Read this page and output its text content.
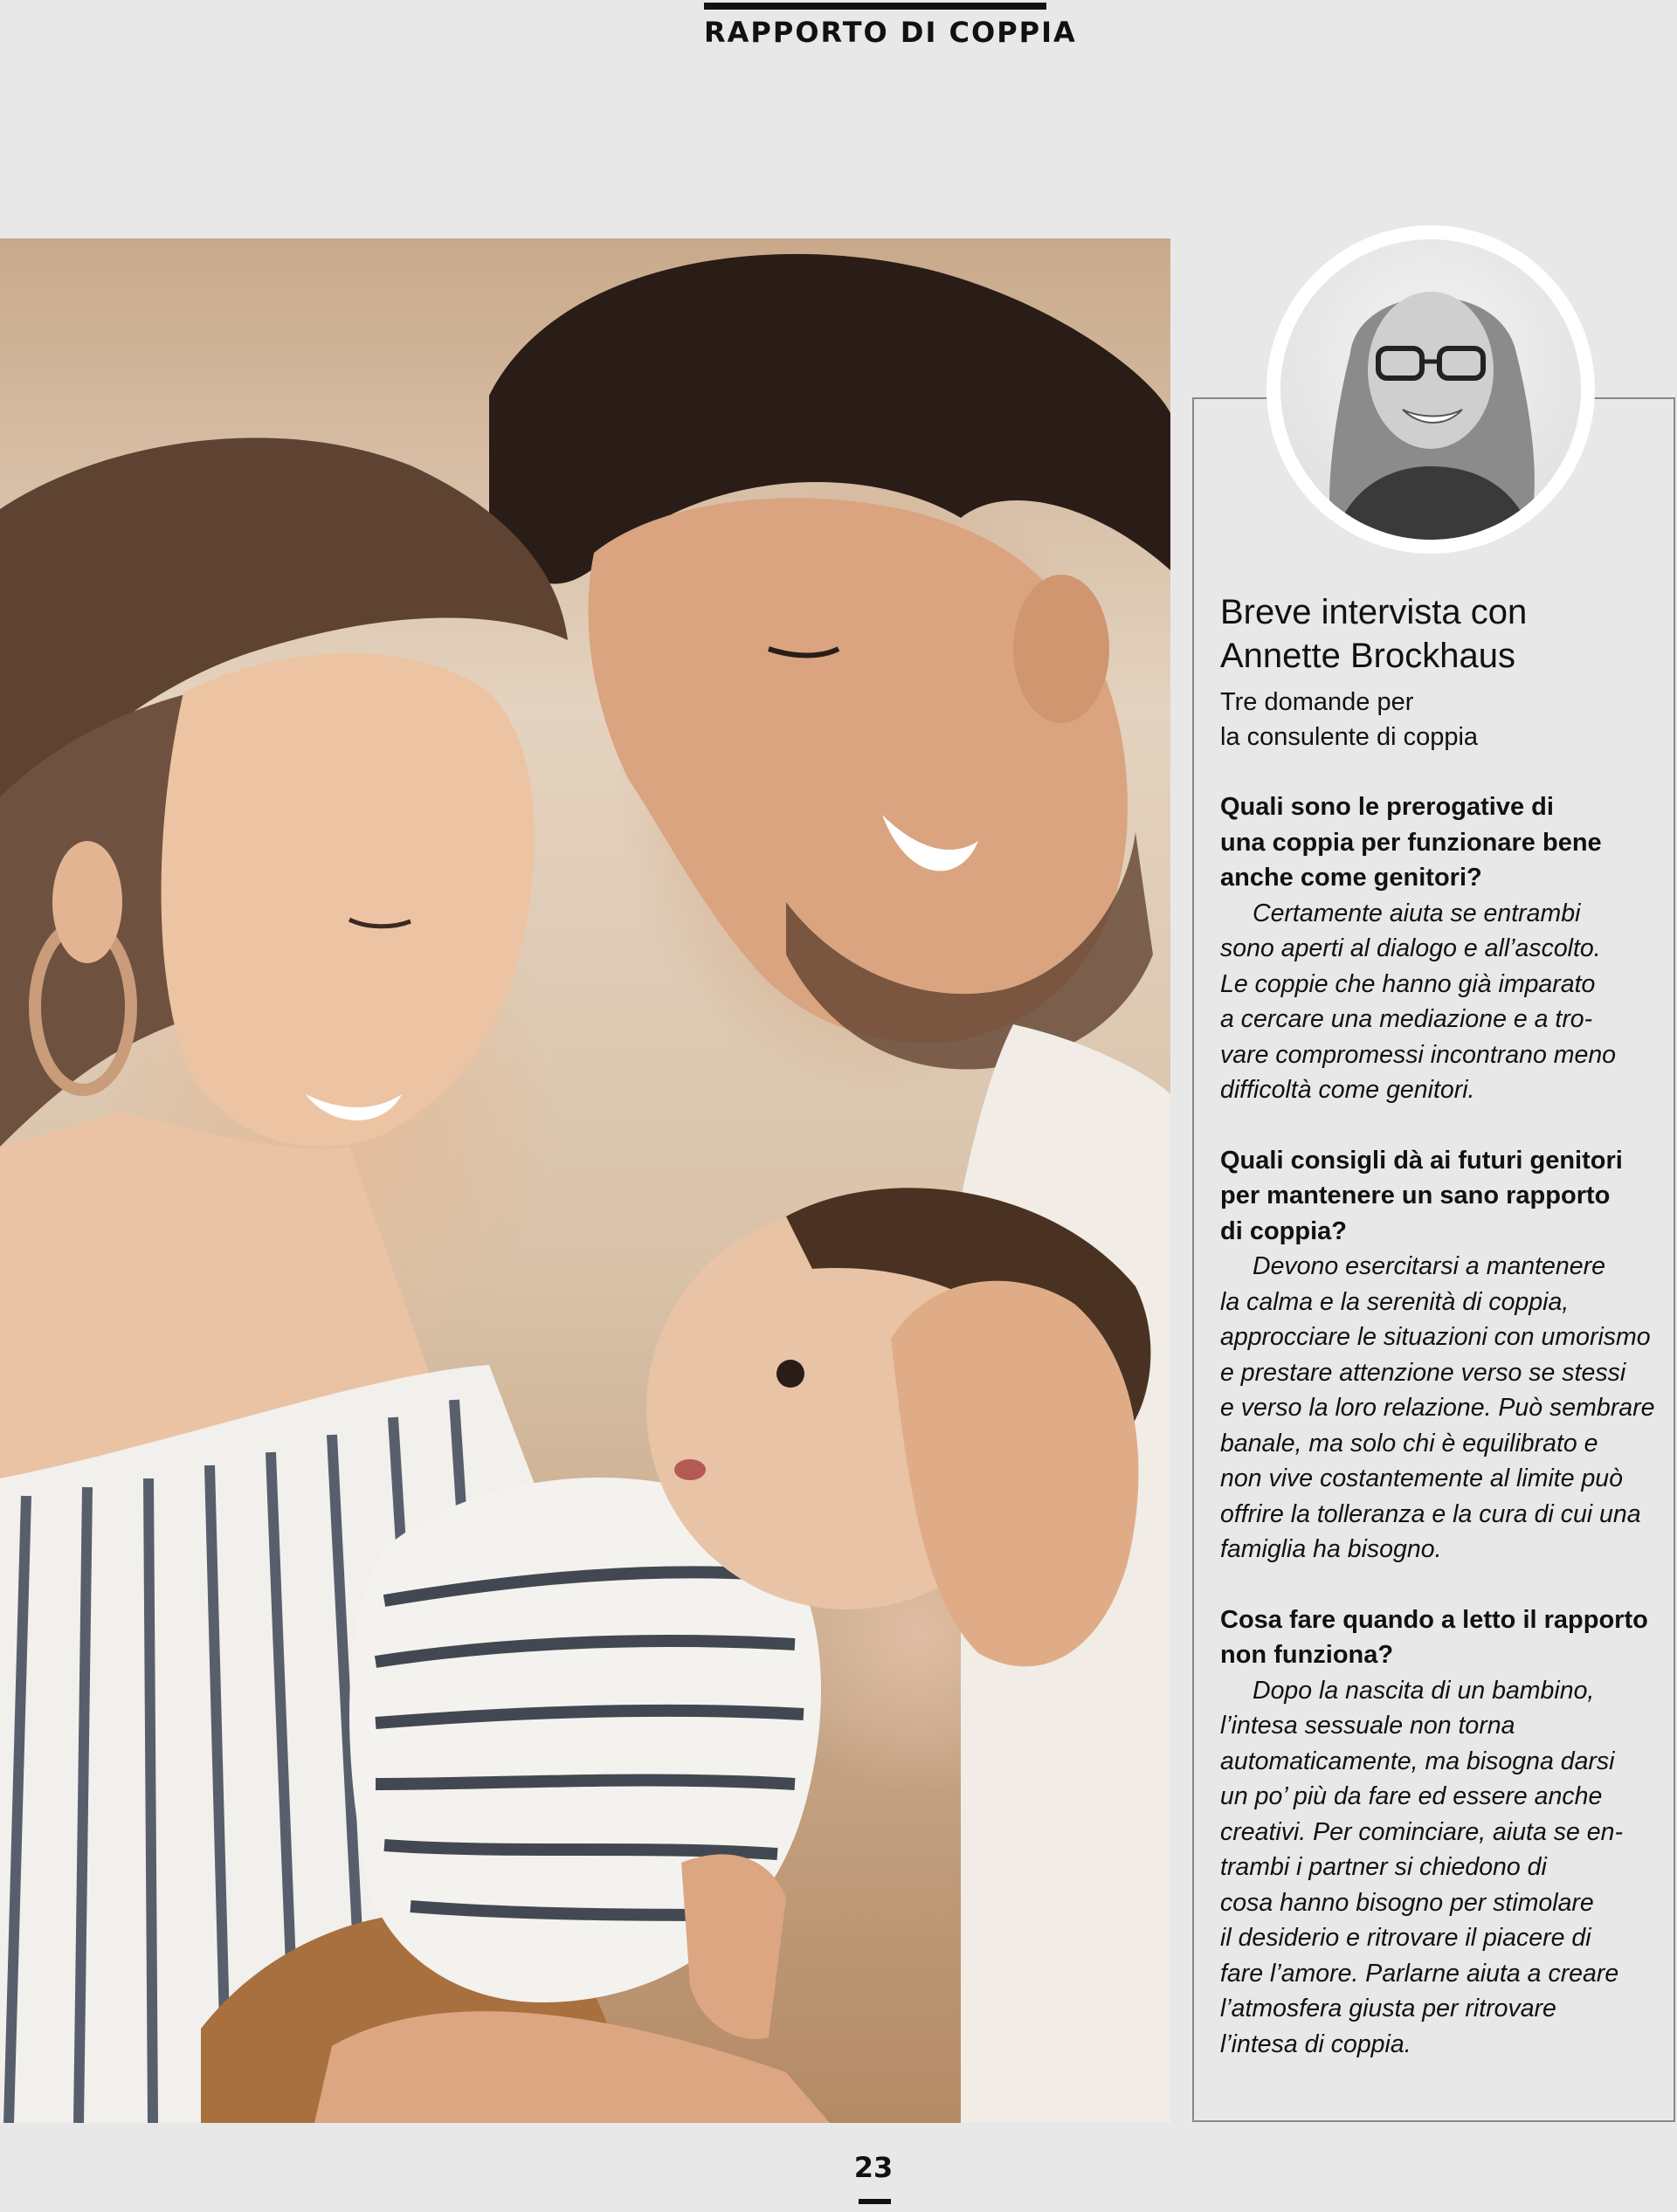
RAPPORTO DI COPPIA
Breve intervista con
Annette Brockhaus

Tre domande per
la consulente di coppia

Quali sono le prerogative di
una coppia per funzionare bene
anche come genitori?

Certamente aiuta se entrambi
sono aperti al dialogo e all’ascolto.
Le coppie che hanno già imparato
a cercare una mediazione e a tro-
vare compromessi incontrano meno
difficoltà come genitori.

Quali consigli dà ai futuri genitori
per mantenere un sano rapporto
di coppia?

Devono esercitarsi a mantenere
la calma e la serenità di coppia,
approcciare le situazioni con umorismo
e prestare attenzione verso se stessi
e verso la loro relazione. Può sembrare
banale, ma solo chi è equilibrato e
non vive costantemente al limite può
offrire la tolleranza e la cura di cui una
famiglia ha bisogno.

Cosa fare quando a letto il rapporto
non funziona?

Dopo la nascita di un bambino,
l’intesa sessuale non torna
automaticamente, ma bisogna darsi
un po’ più da fare ed essere anche
creativi. Per cominciare, aiuta se en-
trambi i partner si chiedono di
cosa hanno bisogno per stimolare
il desiderio e ritrovare il piacere di
fare l’amore. Parlarne aiuta a creare
l’atmosfera giusta per ritrovare
l’intesa di coppia.

23
